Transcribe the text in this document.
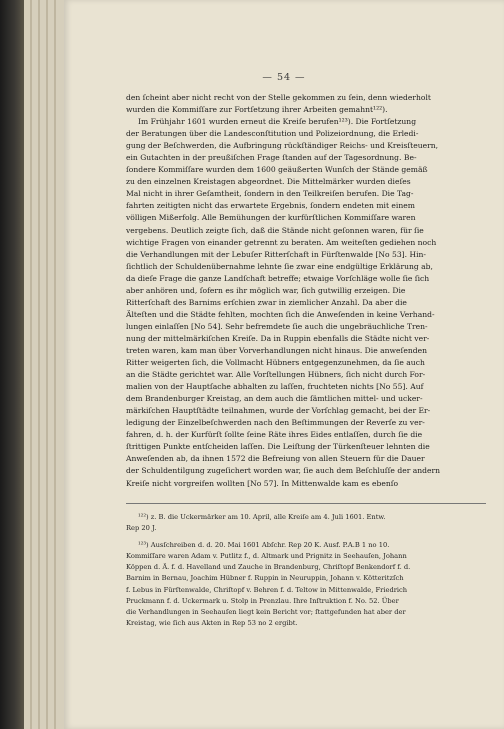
— 54 —
den ſcheint aber nicht recht von der Stelle gekommen zu ſein, denn wiederholt
wurden die Kommiſſare zur Fortſetzung ihrer Arbeiten gemahnt¹²²).
Im Frühjahr 1601 wurden erneut die Kreiſe berufen¹²³). Die Fortſetzung
der Beratungen über die Landesconſtitution und Polizeiordnung, die Erledi-
gung der Beſchwerden, die Aufbringung rückſtändiger Reichs- und Kreisſteuern,
ein Gutachten in der preußiſchen Frage ſtanden auf der Tagesordnung. Be-
ſondere Kommiſſare wurden dem 1600 geäußerten Wunſch der Stände gemäß
zu den einzelnen Kreistagen abgeordnet. Die Mittelmärker wurden dieſes
Mal nicht in ihrer Geſamtheit, ſondern in den Teilkreiſen berufen. Die Tag-
fahrten zeitigten nicht das erwartete Ergebnis, ſondern endeten mit einem
völligen Mißerfolg. Alle Bemühungen der kurfürſtlichen Kommiſſare waren
vergebens. Deutlich zeigte ſich, daß die Stände nicht geſonnen waren, für ſie
wichtige Fragen von einander getrennt zu beraten. Am weiteſten gediehen noch
die Verhandlungen mit der Lebuſer Ritterſchaft in Fürſtenwalde [No 53]. Hin-
ſichtlich der Schuldenübernahme lehnte ſie zwar eine endgültige Erklärung ab,
da dieſe Frage die ganze Landſchaft betreffe; etwaige Vorſchläge wolle ſie ſich
aber anhören und, ſofern es ihr möglich war, ſich gutwillig erzeigen. Die
Ritterſchaft des Barnims erſchien zwar in ziemlicher Anzahl. Da aber die
Älteſten und die Städte fehlten, mochten ſich die Anweſenden in keine Verhand-
lungen einlaſſen [No 54]. Sehr befremdete ſie auch die ungebräuchliche Tren-
nung der mittelmärkiſchen Kreiſe. Da in Ruppin ebenfalls die Städte nicht ver-
treten waren, kam man über Vorverhandlungen nicht hinaus. Die anweſenden
Ritter weigerten ſich, die Vollmacht Hübners entgegenzunehmen, da ſie auch
an die Städte gerichtet war. Alle Vorſtellungen Hübners, ſich nicht durch For-
malien von der Hauptſache abhalten zu laſſen, fruchteten nichts [No 55]. Auf
dem Brandenburger Kreistag, an dem auch die ſämtlichen mittel- und ucker-
märkiſchen Hauptſtädte teilnahmen, wurde der Vorſchlag gemacht, bei der Er-
ledigung der Einzelbeſchwerden nach den Beſtimmungen der Reverſe zu ver-
fahren, d. h. der Kurfürſt ſollte ſeine Räte ihres Eides entlaſſen, durch ſie die
ſtrittigen Punkte entſcheiden laſſen. Die Leiſtung der Türkenſteuer lehnten die
Anweſenden ab, da ihnen 1572 die Befreiung von allen Steuern für die Dauer
der Schuldentilgung zugeſichert worden war, ſie auch dem Beſchluſſe der andern
Kreiſe nicht vorgreifen wollten [No 57]. In Mittenwalde kam es ebenſo
¹²²) z. B. die Uckermärker am 10. April, alle Kreiſe am 4. Juli 1601. Entw.
Rep 20 J.
¹²³) Ausſchreiben d. d. 20. Mai 1601 Abſchr. Rep 20 K. Ausf. P.A.B 1 no 10.
Kommiſſare waren Adam v. Putlitz f., d. Altmark und Prignitz in Seehauſen, Johann
Köppen d. Ä. f. d. Havelland und Zauche in Brandenburg, Chriſtopf Benkendorf f. d.
Barnim in Bernau, Joachim Hübner f. Ruppin in Neuruppin, Johann v. Kötteritzſch
f. Lebus in Fürſtenwalde, Chriſtopf v. Behren f. d. Teltow in Mittenwalde, Friedrich
Pruckmann f. d. Uckermark u. Stolp in Prenzlau. Ihre Inſtruktion f. No. 52. Über
die Verhandlungen in Seehauſen liegt kein Bericht vor; ſtattgefunden hat aber der
Kreistag, wie ſich aus Akten in Rep 53 no 2 ergibt.
